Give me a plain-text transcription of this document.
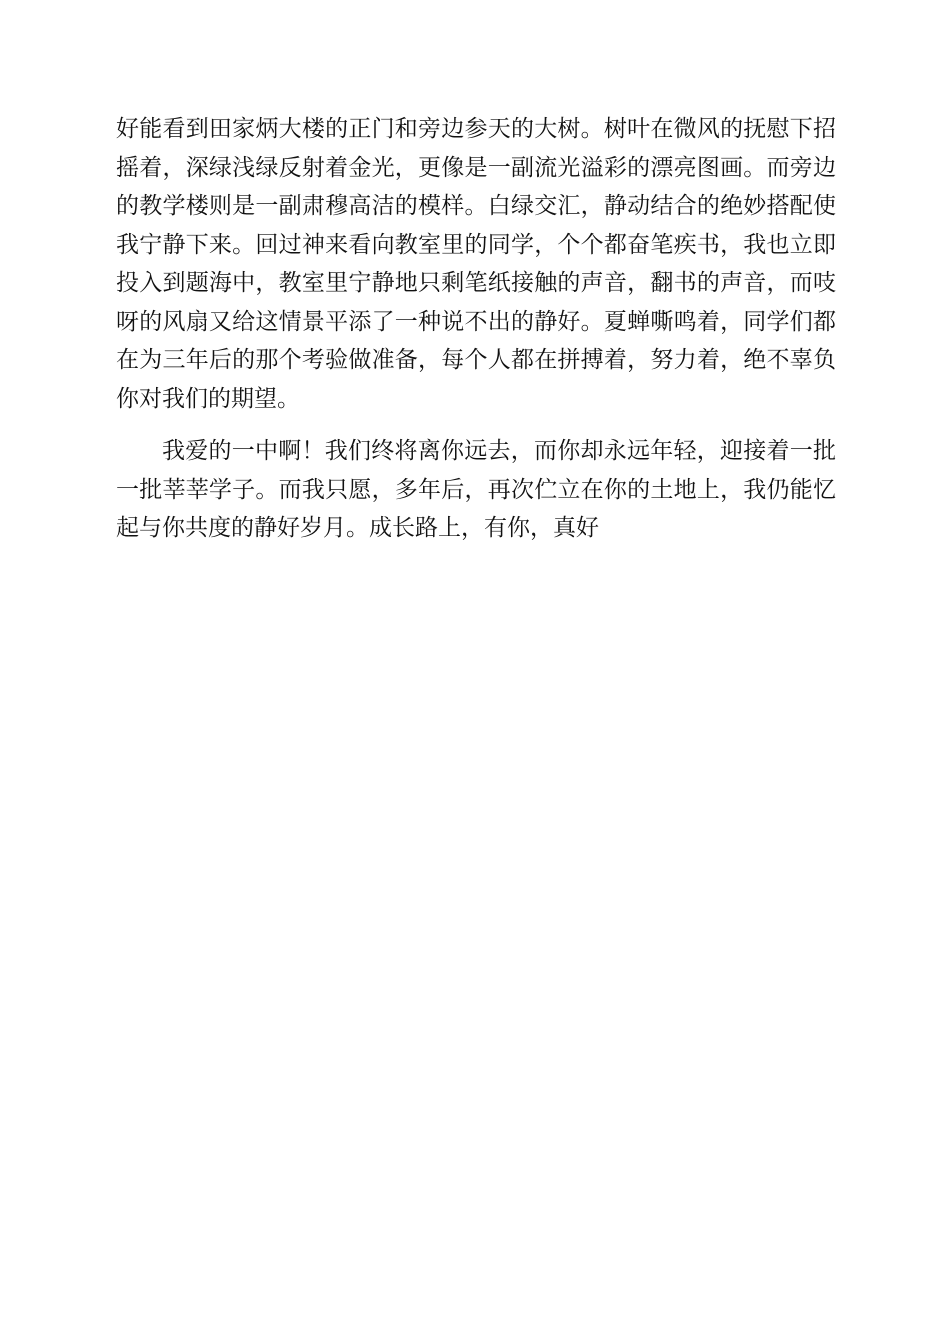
好能看到田家炳大楼的正门和旁边参天的大树。树叶在微风的抚慰下招摇着，深绿浅绿反射着金光，更像是一副流光溢彩的漂亮图画。而旁边的教学楼则是一副肃穆高洁的模样。白绿交汇，静动结合的绝妙搭配使我宁静下来。回过神来看向教室里的同学，个个都奋笔疾书，我也立即投入到题海中，教室里宁静地只剩笔纸接触的声音，翻书的声音，而吱呀的风扇又给这情景平添了一种说不出的静好。夏蝉嘶鸣着，同学们都在为三年后的那个考验做准备，每个人都在拼搏着，努力着，绝不辜负你对我们的期望。

我爱的一中啊！我们终将离你远去，而你却永远年轻，迎接着一批一批莘莘学子。而我只愿，多年后，再次伫立在你的土地上，我仍能忆起与你共度的静好岁月。成长路上，有你，真好
